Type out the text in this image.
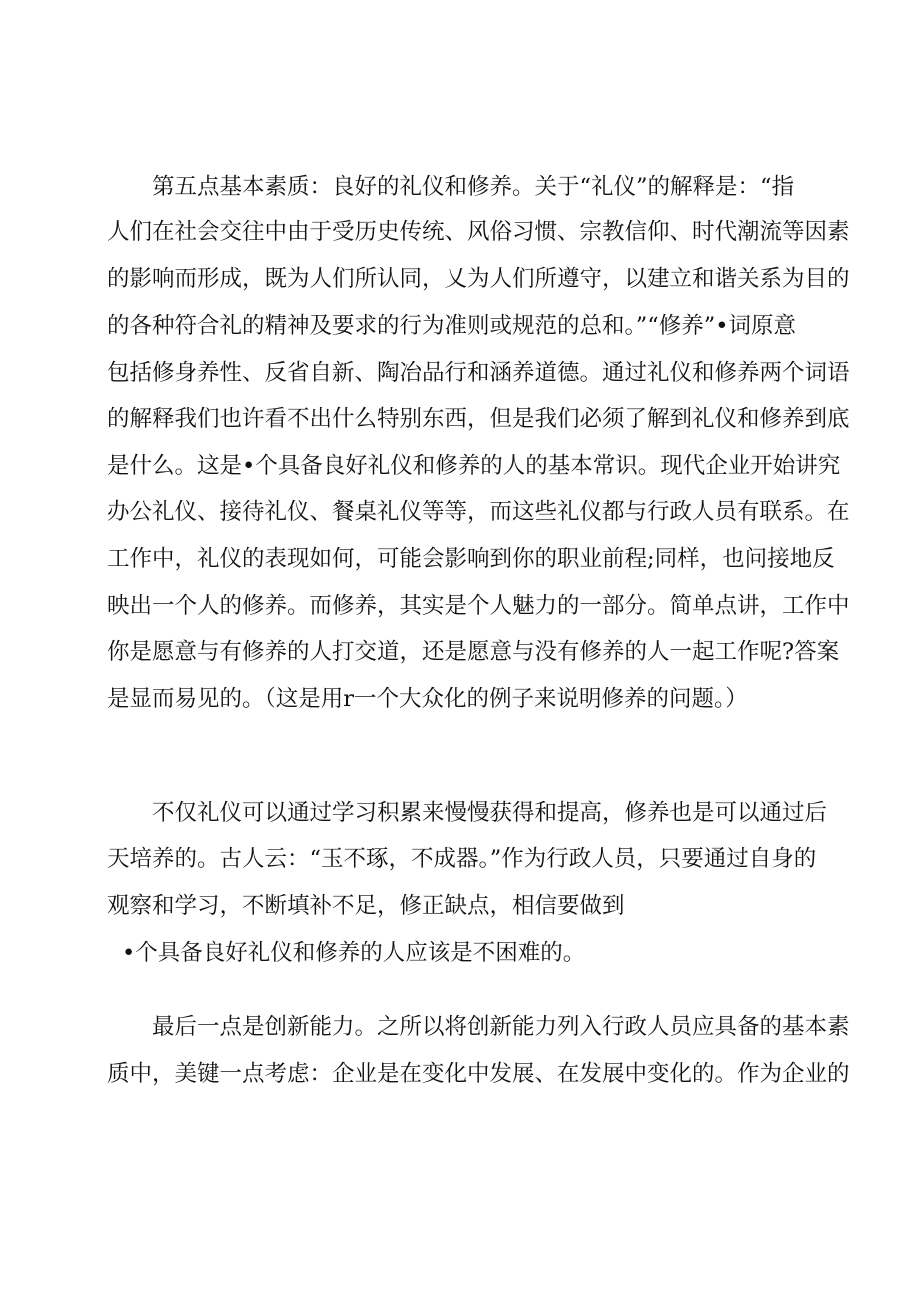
第五点基本素质：良好的礼仪和修养。关于“礼仪”的解释是：“指
人们在社会交往中由于受历史传统、风俗习惯、宗教信仰、时代潮流等因素
的影响而形成，既为人们所认同，乂为人们所遵守，以建立和谐关系为目的
的各种符合礼的精神及要求的行为准则或规范的总和。”“修养”•词原意
包括修身养性、反省自新、陶冶品行和涵养道德。通过礼仪和修养两个词语
的解释我们也许看不出什么特别东西，但是我们必须了解到礼仪和修养到底
是什么。这是•个具备良好礼仪和修养的人的基本常识。现代企业开始讲究
办公礼仪、接待礼仪、餐桌礼仪等等，而这些礼仪都与行政人员有联系。在
工作中，礼仪的表现如何，可能会影响到你的职业前程;同样，也问接地反
映出一个人的修养。而修养，其实是个人魅力的一部分。简单点讲，工作中
你是愿意与有修养的人打交道，还是愿意与没有修养的人一起工作呢?答案
是显而易见的。（这是用r一个大众化的例子来说明修养的问题。）
不仅礼仪可以通过学习积累来慢慢获得和提高，修养也是可以通过后
天培养的。古人云：“玉不琢，不成器。”作为行政人员，只要通过自身的
观察和学习，不断填补不足，修正缺点，相信要做到
•个具备良好礼仪和修养的人应该是不困难的。
最后一点是创新能力。之所以将创新能力列入行政人员应具备的基本素
质中，美键一点考虑：企业是在变化中发展、在发展中变化的。作为企业的
